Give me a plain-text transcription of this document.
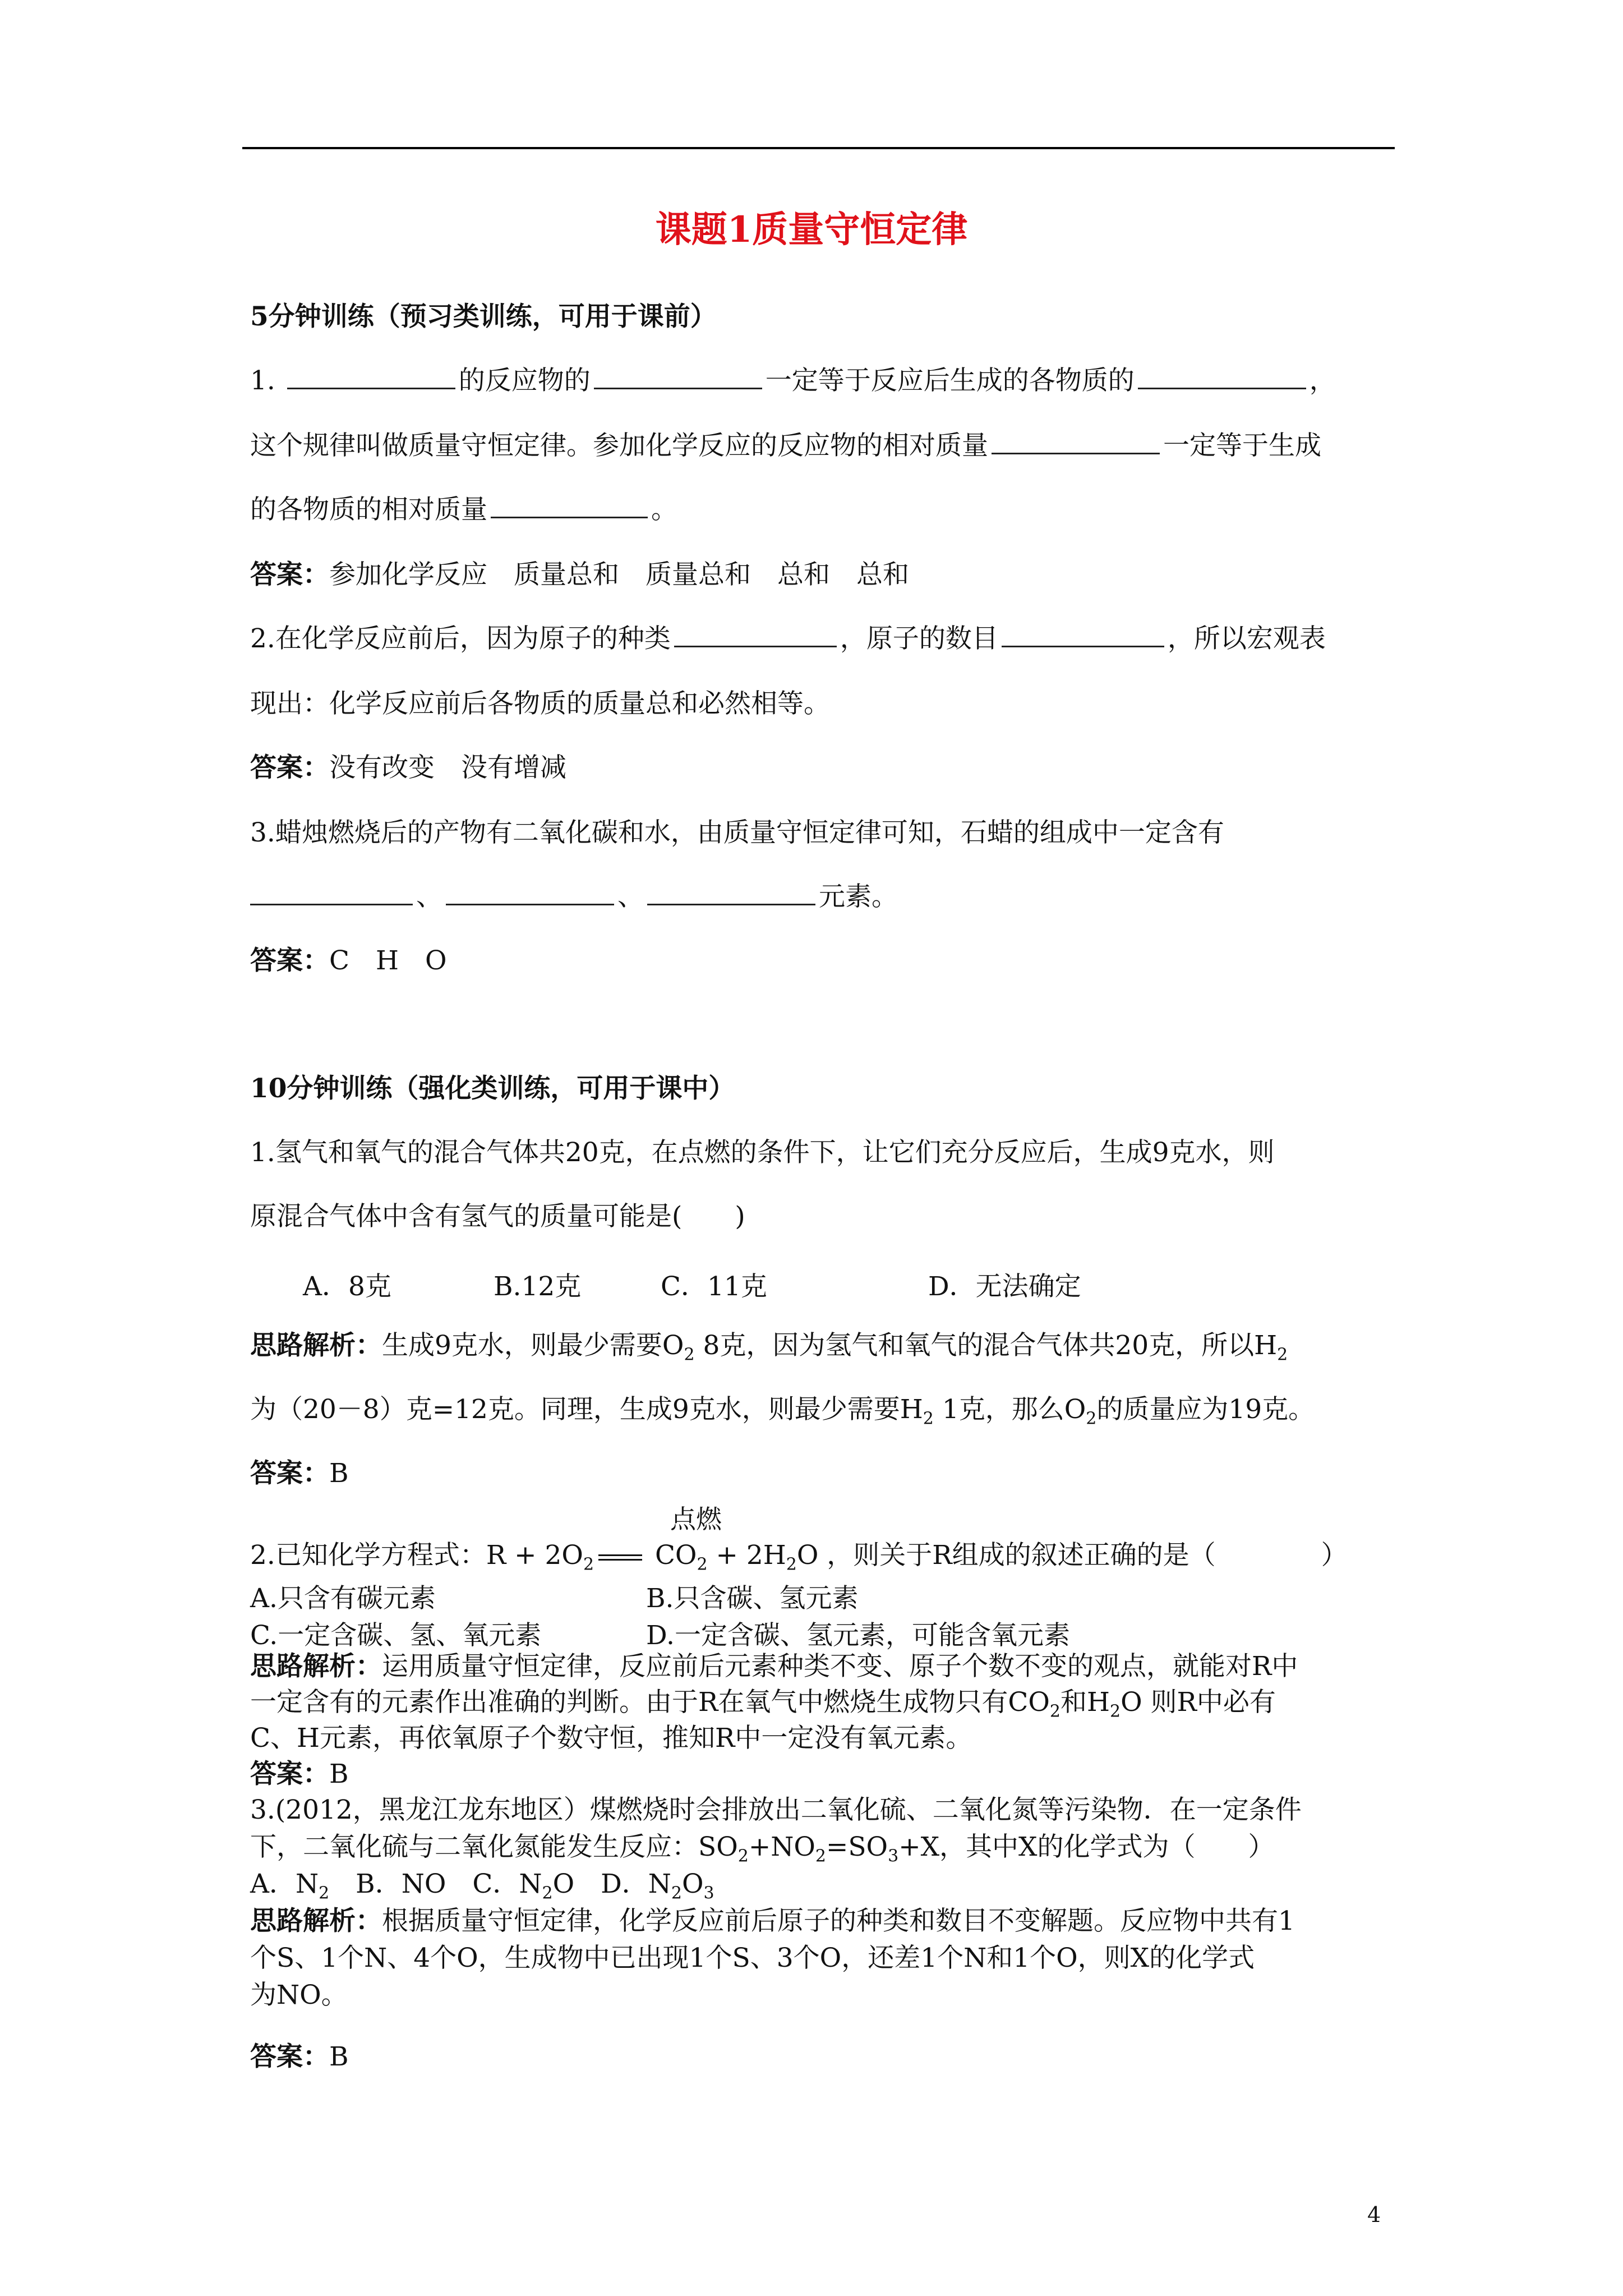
课题1质量守恒定律
5分钟训练（预习类训练，可用于课前）
1.	的反应物的	一定等于反应后生成的各物质的	，
这个规律叫做质量守恒定律。参加化学反应的反应物的相对质量	一定等于生成
的各物质的相对质量	。
答案：参加化学反应　质量总和　质量总和　总和　总和
2.在化学反应前后，因为原子的种类	，原子的数目	，所以宏观表
现出：化学反应前后各物质的质量总和必然相等。
答案：没有改变　没有增减
3.蜡烛燃烧后的产物有二氧化碳和水，由质量守恒定律可知，石蜡的组成中一定含有
、	、	元素。
答案：C　H　O
10分钟训练（强化类训练，可用于课中）
1.氢气和氧气的混合气体共20克，在点燃的条件下，让它们充分反应后，生成9克水，则
原混合气体中含有氢气的质量可能是(　　)
A．8克	B.12克	C．11克	D．无法确定
思路解析：生成9克水，则最少需要$O_2$ 8克，因为氢气和氧气的混合气体共20克，所以$H_2$
为（20－8）克=12克。同理，生成9克水，则最少需要$H_2$ 1克，那么$O_2$的质量应为19克。
答案：B
点燃
2.已知化学方程式：$R + 2O_2$ $CO_2 + 2H_2O$ ，则关于R组成的叙述正确的是（　　　　）
A.只含有碳元素	B.只含碳、氢元素
C.一定含碳、氢、氧元素	D.一定含碳、氢元素，可能含氧元素
思路解析：运用质量守恒定律，反应前后元素种类不变、原子个数不变的观点，就能对R中
一定含有的元素作出准确的判断。由于R在氧气中燃烧生成物只有$CO_2$和$H_2O$ 则R中必有
C、H元素，再依氧原子个数守恒，推知R中一定没有氧元素。
答案：B
3.(2012，黑龙江龙东地区）煤燃烧时会排放出二氧化硫、二氧化氮等污染物．在一定条件
下，二氧化硫与二氧化氮能发生反应：$SO_2+NO_2=SO_3+X$，其中X的化学式为（　　）
A．$N_2$　B．NO　C．$N_2O$　D．$N_2O_3$
思路解析：根据质量守恒定律，化学反应前后原子的种类和数目不变解题。反应物中共有1
个S、1个N、4个O，生成物中已出现1个S、3个O，还差1个N和1个O，则X的化学式
为NO。
答案：B
4
